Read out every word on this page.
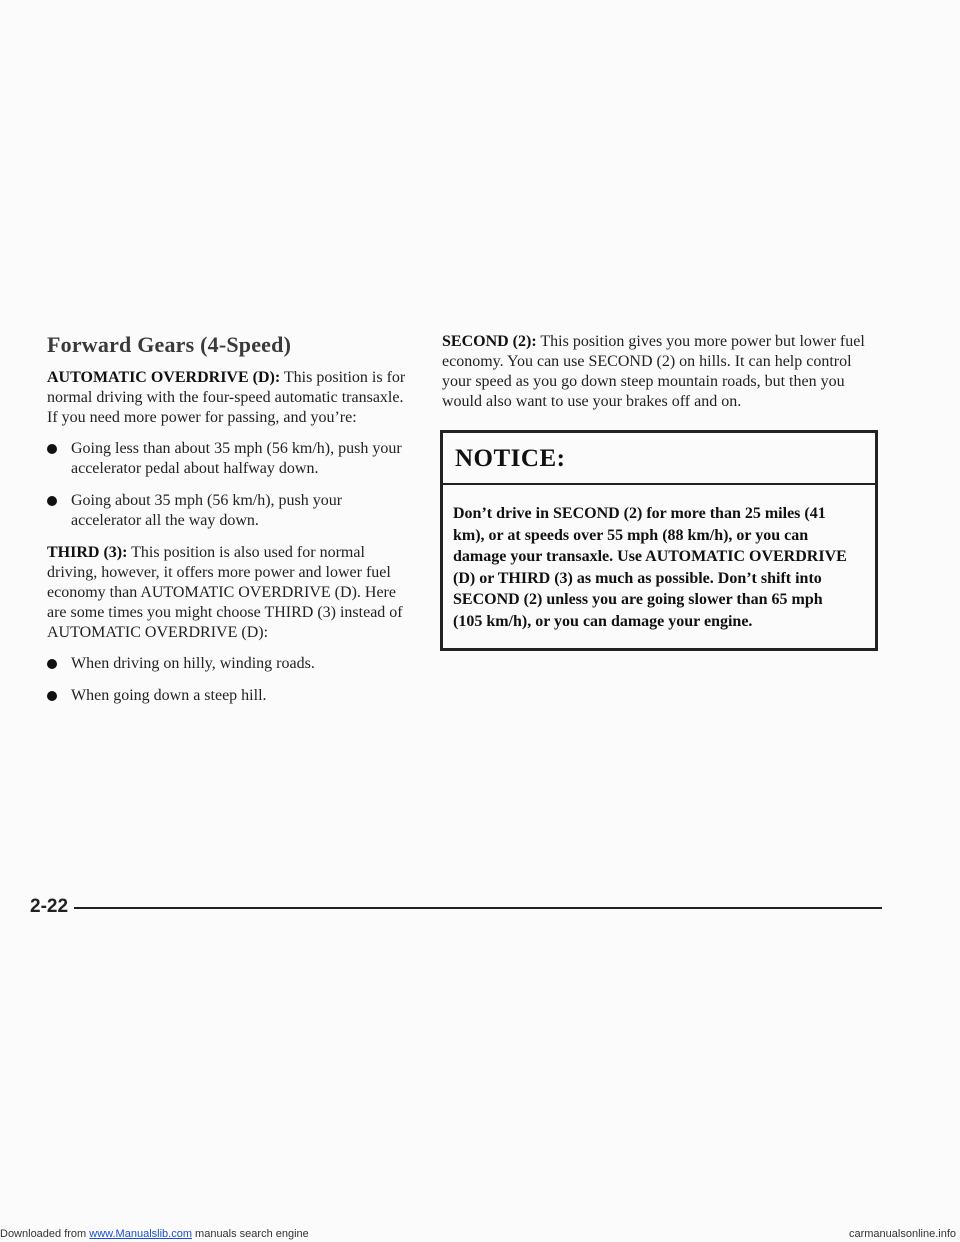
Forward Gears (4-Speed)

AUTOMATIC OVERDRIVE (D): This position is for normal driving with the four-speed automatic transaxle. If you need more power for passing, and you’re:

Going less than about 35 mph (56 km/h), push your accelerator pedal about halfway down.
Going about 35 mph (56 km/h), push your accelerator all the way down.

THIRD (3): This position is also used for normal driving, however, it offers more power and lower fuel economy than AUTOMATIC OVERDRIVE (D). Here are some times you might choose THIRD (3) instead of AUTOMATIC OVERDRIVE (D):

When driving on hilly, winding roads.
When going down a steep hill.

SECOND (2): This position gives you more power but lower fuel economy. You can use SECOND (2) on hills. It can help control your speed as you go down steep mountain roads, but then you would also want to use your brakes off and on.

NOTICE:
Don’t drive in SECOND (2) for more than 25 miles (41 km), or at speeds over 55 mph (88 km/h), or you can damage your transaxle. Use AUTOMATIC OVERDRIVE (D) or THIRD (3) as much as possible. Don’t shift into SECOND (2) unless you are going slower than 65 mph (105 km/h), or you can damage your engine.
2-22
Downloaded from www.Manualslib.com manuals search engine	carmanualsonline.info
